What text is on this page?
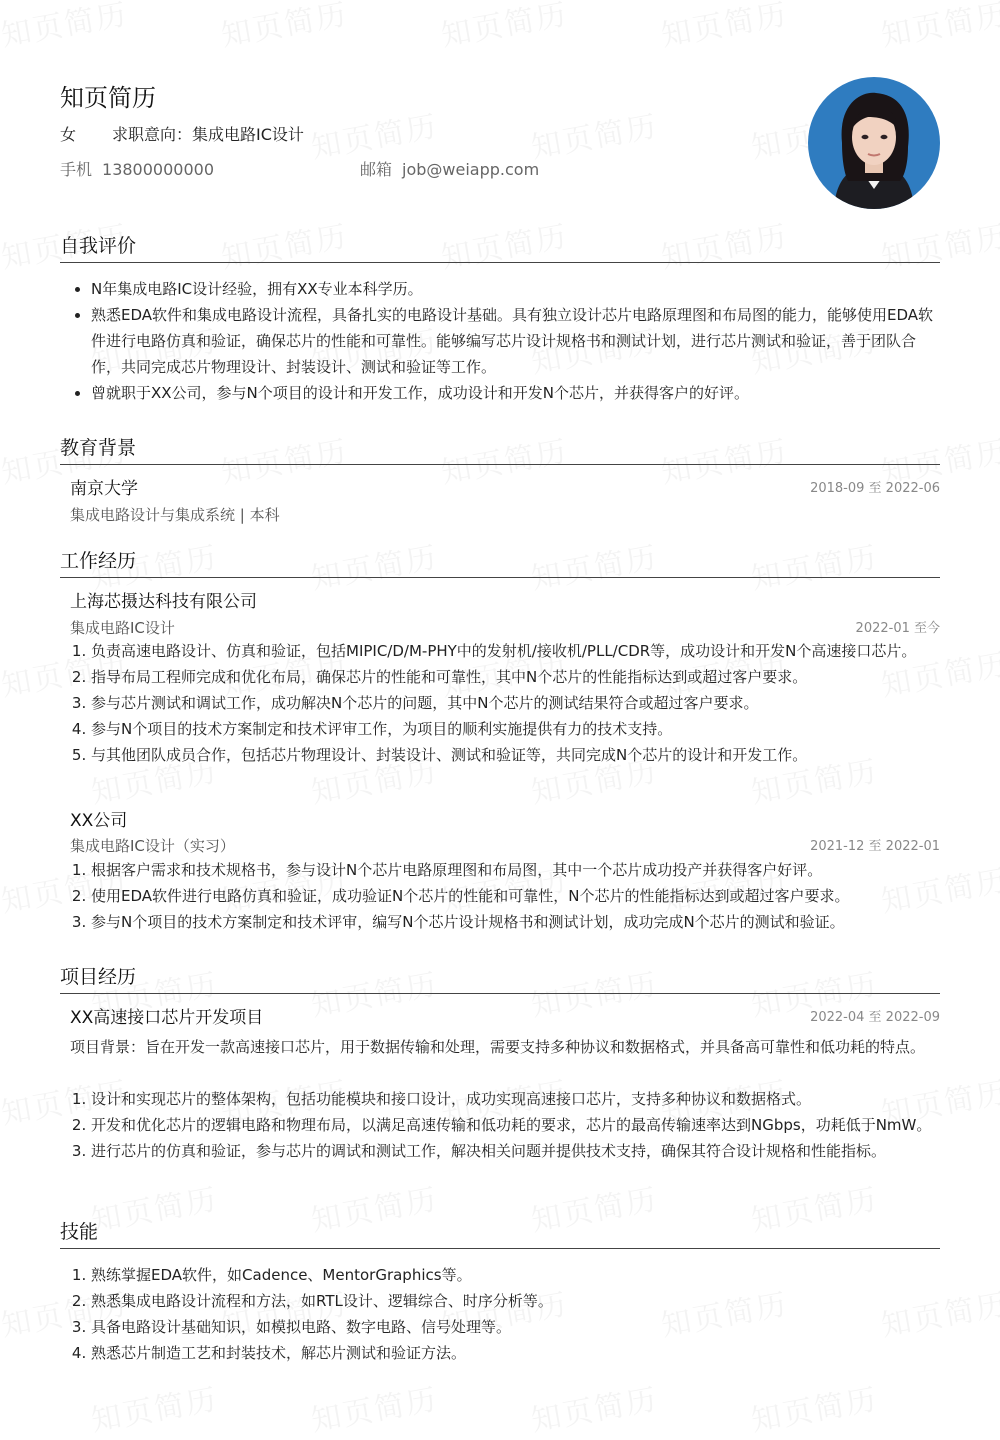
知页简历
女 求职意向：集成电路IC设计
手机 13800000000	邮箱 job@weiapp.com
自我评价
• N年集成电路IC设计经验，拥有XX专业本科学历。
• 熟悉EDA软件和集成电路设计流程，具备扎实的电路设计基础。具有独立设计芯片电路原理图和布局图的能力，能够使用EDA软件进行电路仿真和验证，确保芯片的性能和可靠性。能够编写芯片设计规格书和测试计划，进行芯片测试和验证，善于团队合作，共同完成芯片物理设计、封装设计、测试和验证等工作。
• 曾就职于XX公司，参与N个项目的设计和开发工作，成功设计和开发N个芯片，并获得客户的好评。
教育背景
南京大学	2018-09 至 2022-06
集成电路设计与集成系统 | 本科
工作经历
上海芯摄达科技有限公司
集成电路IC设计	2022-01 至今
1. 负责高速电路设计、仿真和验证，包括MIPIC/D/M-PHY中的发射机/接收机/PLL/CDR等，成功设计和开发N个高速接口芯片。
2. 指导布局工程师完成和优化布局，确保芯片的性能和可靠性，其中N个芯片的性能指标达到或超过客户要求。
3. 参与芯片测试和调试工作，成功解决N个芯片的问题，其中N个芯片的测试结果符合或超过客户要求。
4. 参与N个项目的技术方案制定和技术评审工作，为项目的顺利实施提供有力的技术支持。
5. 与其他团队成员合作，包括芯片物理设计、封装设计、测试和验证等，共同完成N个芯片的设计和开发工作。
XX公司
集成电路IC设计（实习）	2021-12 至 2022-01
1. 根据客户需求和技术规格书，参与设计N个芯片电路原理图和布局图，其中一个芯片成功投产并获得客户好评。
2. 使用EDA软件进行电路仿真和验证，成功验证N个芯片的性能和可靠性，N个芯片的性能指标达到或超过客户要求。
3. 参与N个项目的技术方案制定和技术评审，编写N个芯片设计规格书和测试计划，成功完成N个芯片的测试和验证。
项目经历
XX高速接口芯片开发项目	2022-04 至 2022-09
项目背景：旨在开发一款高速接口芯片，用于数据传输和处理，需要支持多种协议和数据格式，并具备高可靠性和低功耗的特点。
1. 设计和实现芯片的整体架构，包括功能模块和接口设计，成功实现高速接口芯片，支持多种协议和数据格式。
2. 开发和优化芯片的逻辑电路和物理布局，以满足高速传输和低功耗的要求，芯片的最高传输速率达到NGbps，功耗低于NmW。
3. 进行芯片的仿真和验证，参与芯片的调试和测试工作，解决相关问题并提供技术支持，确保其符合设计规格和性能指标。
技能
1. 熟练掌握EDA软件，如Cadence、MentorGraphics等。
2. 熟悉集成电路设计流程和方法，如RTL设计、逻辑综合、时序分析等。
3. 具备电路设计基础知识，如模拟电路、数字电路、信号处理等。
4. 熟悉芯片制造工艺和封装技术，解芯片测试和验证方法。
